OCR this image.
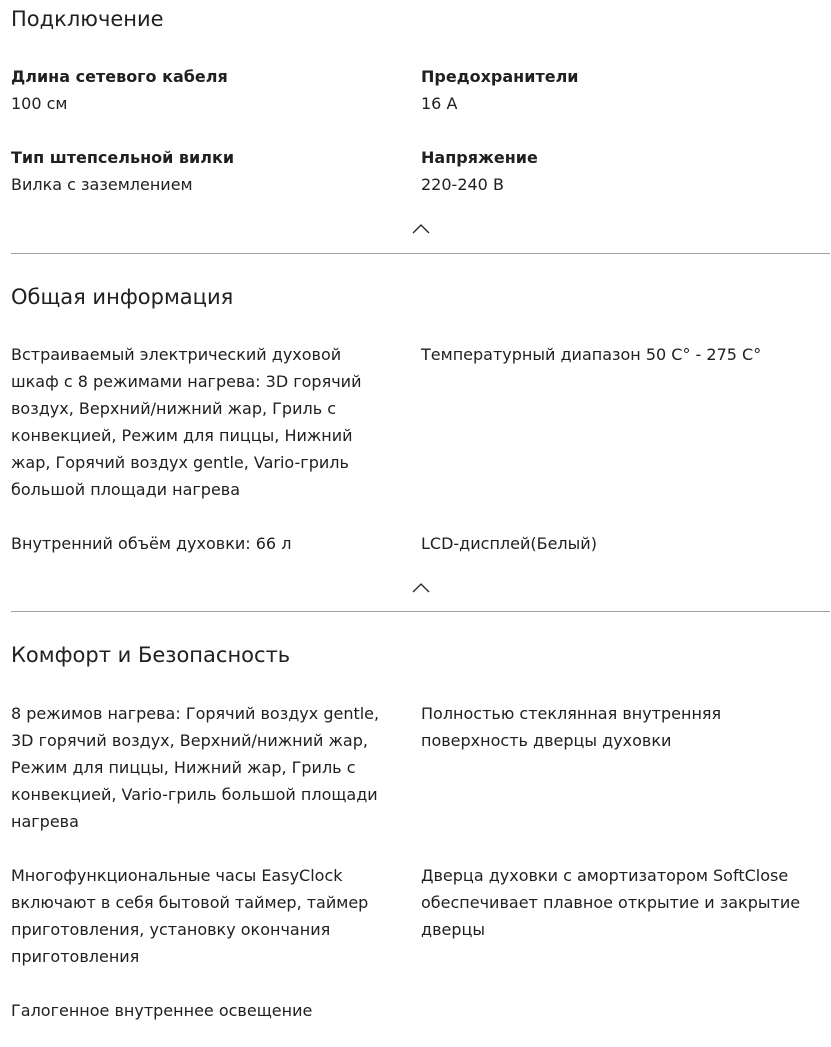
Подключение
Длина сетевого кабеля
100 см
Предохранители
16 А
Тип штепсельной вилки
Вилка с заземлением
Напряжение
220-240 В
Общая информация
Встраиваемый электрический духовой шкаф с 8 режимами нагрева: 3D горячий воздух, Верхний/нижний жар, Гриль с конвекцией, Режим для пиццы, Нижний жар, Горячий воздух gentle, Vario-гриль большой площади нагрева
Температурный диапазон 50 С° - 275 С°
Внутренний объём духовки: 66 л	LCD-дисплей(Белый)
Комфорт и Безопасность
8 режимов нагрева: Горячий воздух gentle, 3D горячий воздух, Верхний/нижний жар, Режим для пиццы, Нижний жар, Гриль с конвекцией, Vario-гриль большой площади нагрева
Полностью стеклянная внутренняя поверхность дверцы духовки
Многофункциональные часы EasyClock включают в себя бытовой таймер, таймер приготовления, установку окончания приготовления
Дверца духовки с амортизатором SoftClose обеспечивает плавное открытие и закрытие дверцы
Галогенное внутреннее освещение
